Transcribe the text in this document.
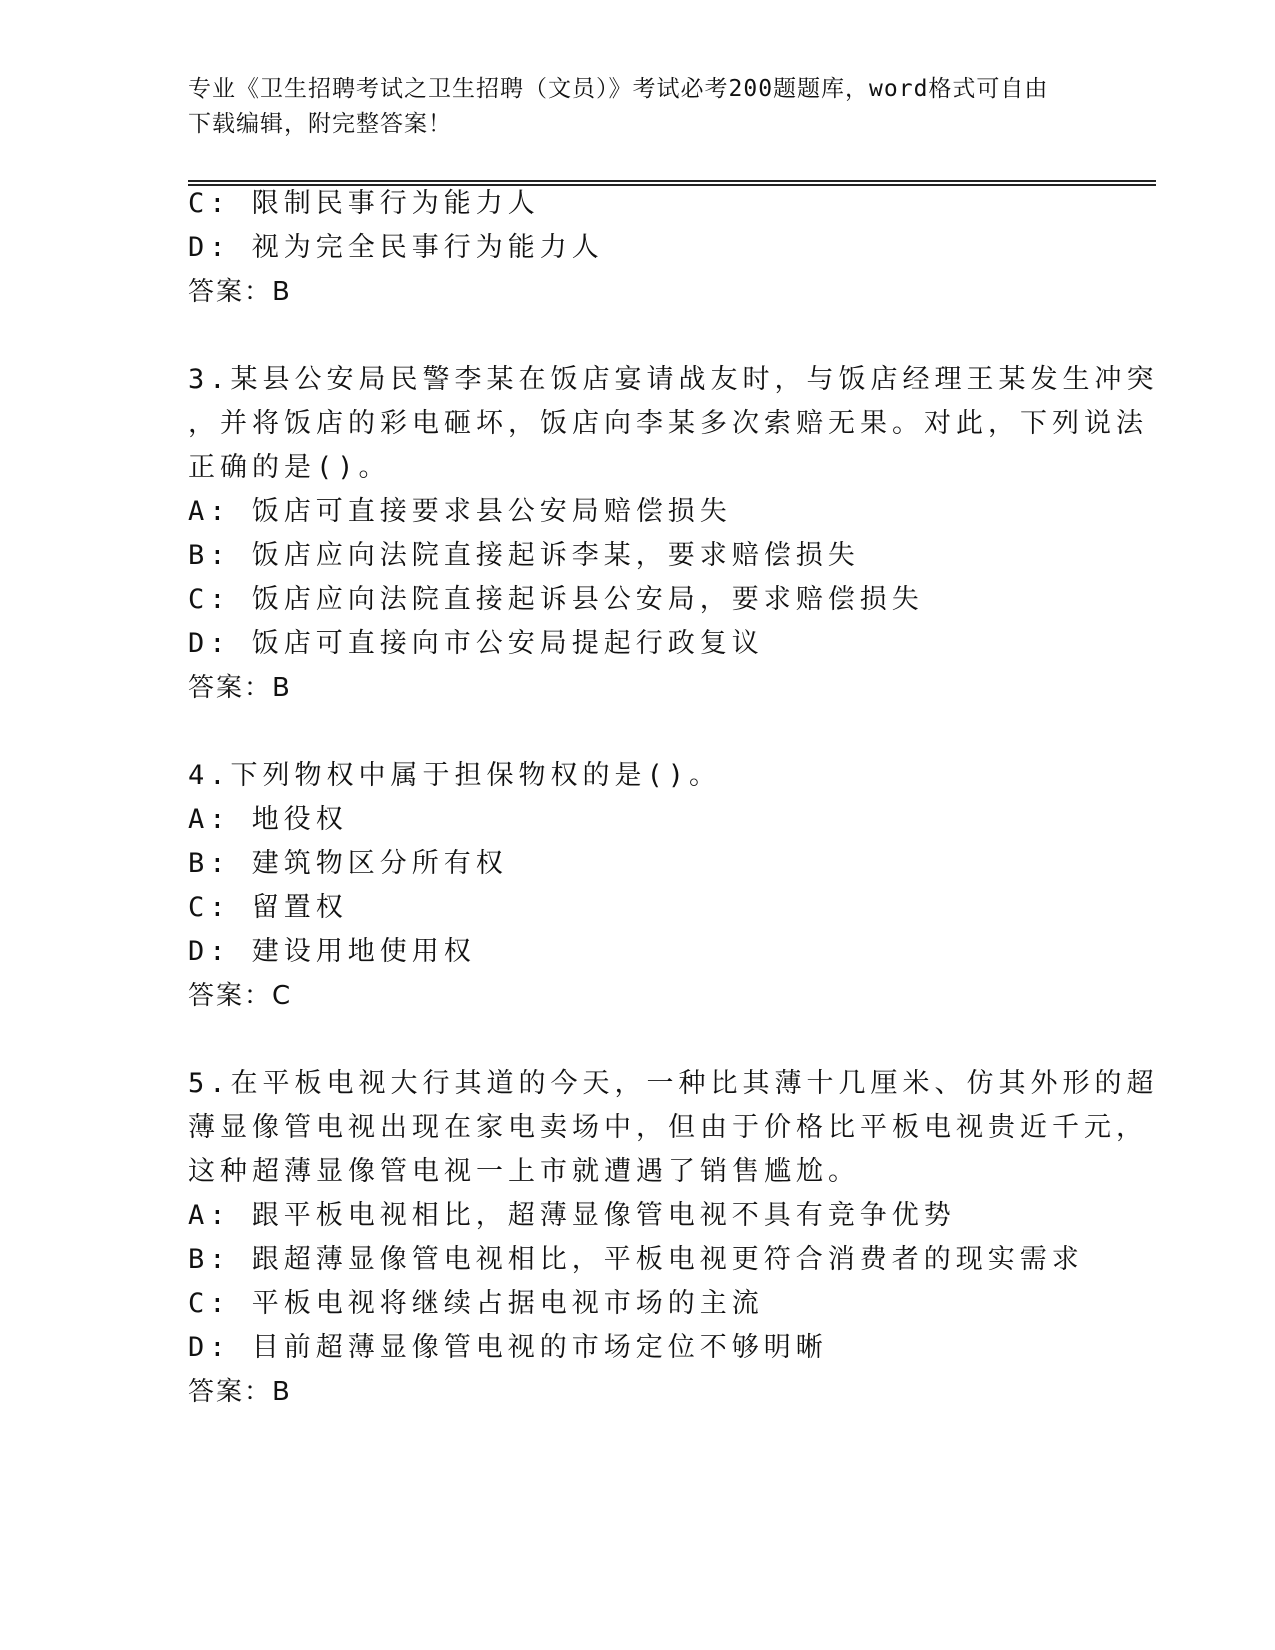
专业《卫生招聘考试之卫生招聘（文员）》考试必考200题题库，word格式可自由下载编辑，附完整答案！
C: 限制民事行为能力人
D: 视为完全民事行为能力人
答案：B
3.某县公安局民警李某在饭店宴请战友时，与饭店经理王某发生冲突
，并将饭店的彩电砸坏，饭店向李某多次索赔无果。对此，下列说法
正确的是()。
A: 饭店可直接要求县公安局赔偿损失
B: 饭店应向法院直接起诉李某，要求赔偿损失
C: 饭店应向法院直接起诉县公安局，要求赔偿损失
D: 饭店可直接向市公安局提起行政复议
答案：B
4.下列物权中属于担保物权的是()。
A: 地役权
B: 建筑物区分所有权
C: 留置权
D: 建设用地使用权
答案：C
5.在平板电视大行其道的今天，一种比其薄十几厘米、仿其外形的超
薄显像管电视出现在家电卖场中，但由于价格比平板电视贵近千元，
这种超薄显像管电视一上市就遭遇了销售尴尬。
A: 跟平板电视相比，超薄显像管电视不具有竞争优势
B: 跟超薄显像管电视相比，平板电视更符合消费者的现实需求
C: 平板电视将继续占据电视市场的主流
D: 目前超薄显像管电视的市场定位不够明晰
答案：B
